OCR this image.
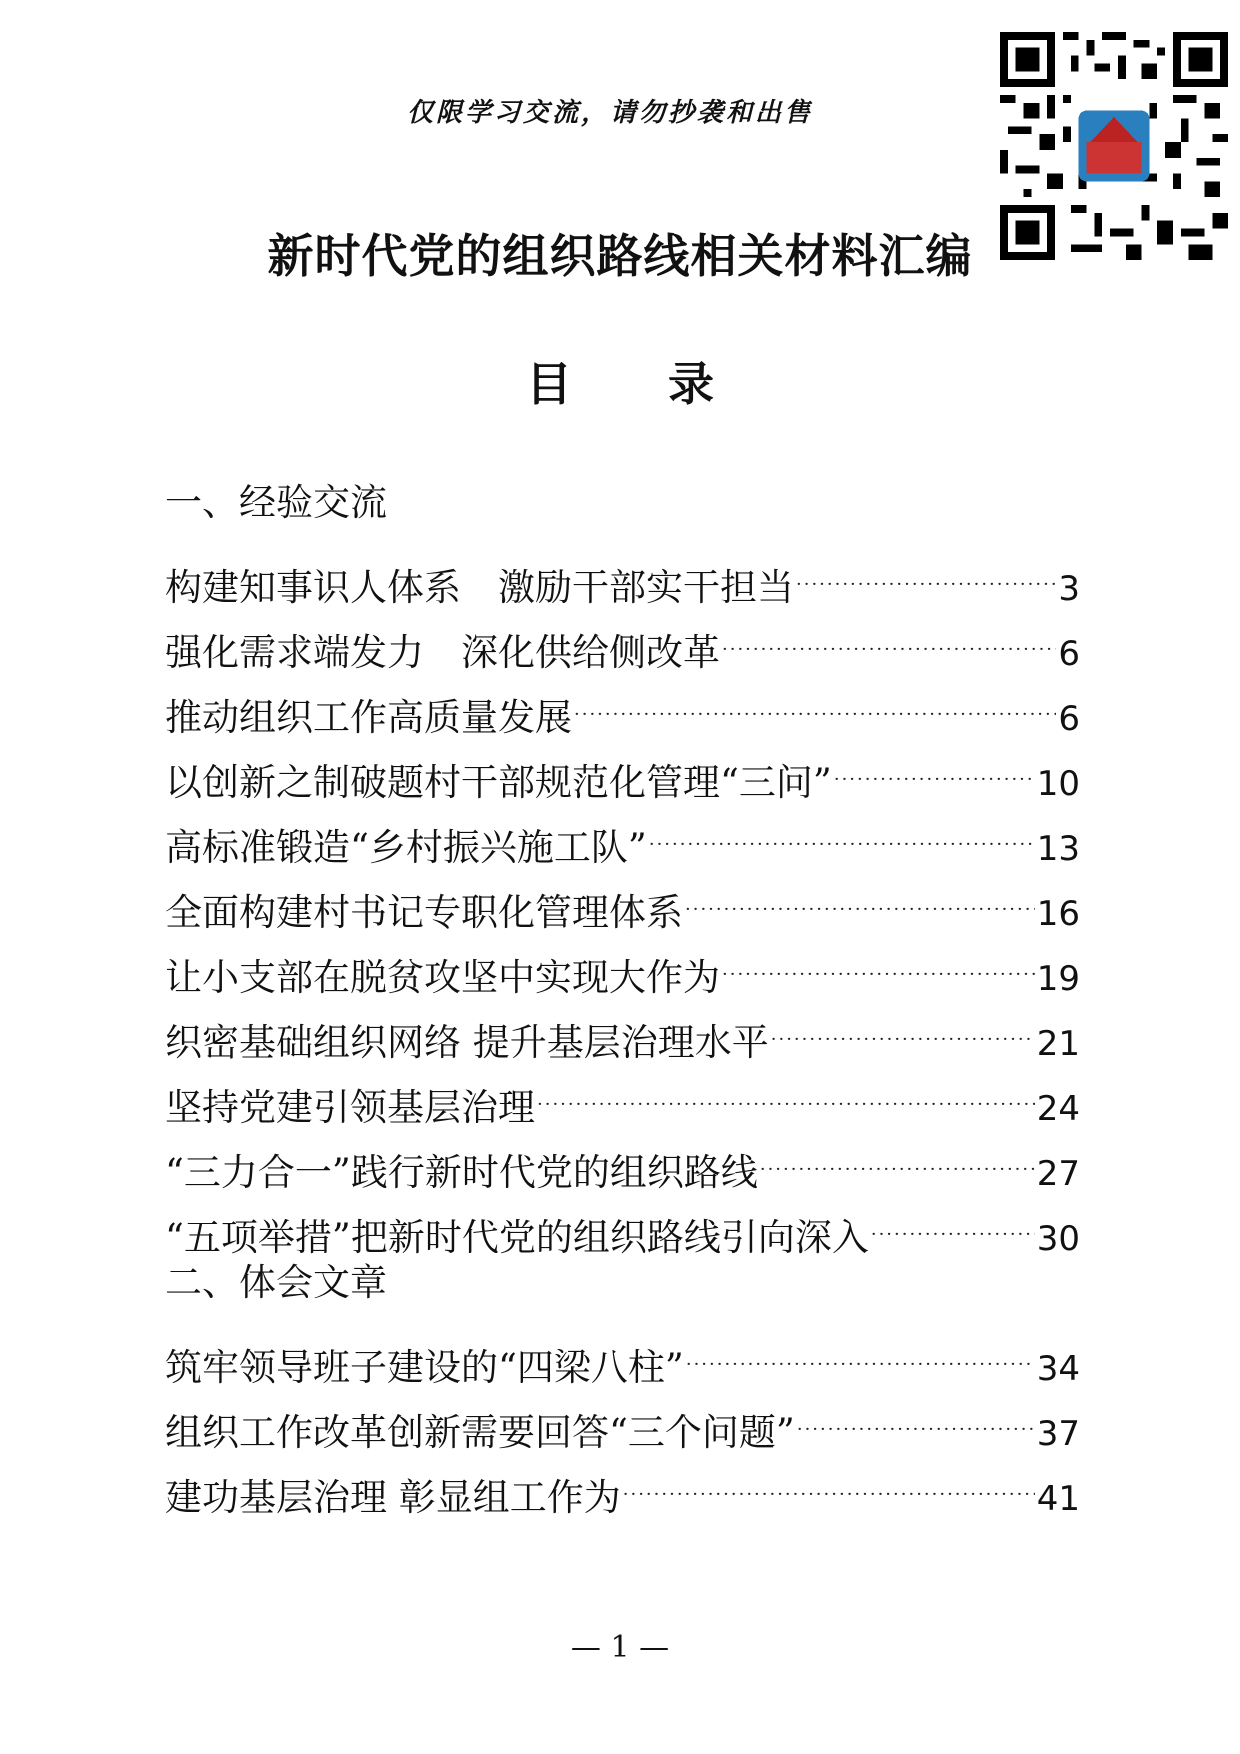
仅限学习交流，请勿抄袭和出售
新时代党的组织路线相关材料汇编
目 录
一、经验交流
构建知事识人体系　激励干部实干担当 ·····	3
强化需求端发力　深化供给侧改革 ·····	6
推动组织工作高质量发展 ·····	6
以创新之制破题村干部规范化管理“三问” ·····	10
高标准锻造“乡村振兴施工队” ·····	13
全面构建村书记专职化管理体系 ·····	16
让小支部在脱贫攻坚中实现大作为 ·····	19
织密基础组织网络 提升基层治理水平 ·····	21
坚持党建引领基层治理 ·····	24
“三力合一”践行新时代党的组织路线 ·····	27
“五项举措”把新时代党的组织路线引向深入 ·····	30
二、体会文章
筑牢领导班子建设的“四梁八柱” ·····	34
组织工作改革创新需要回答“三个问题” ·····	37
建功基层治理 彰显组工作为 ·····	41
— 1 —
